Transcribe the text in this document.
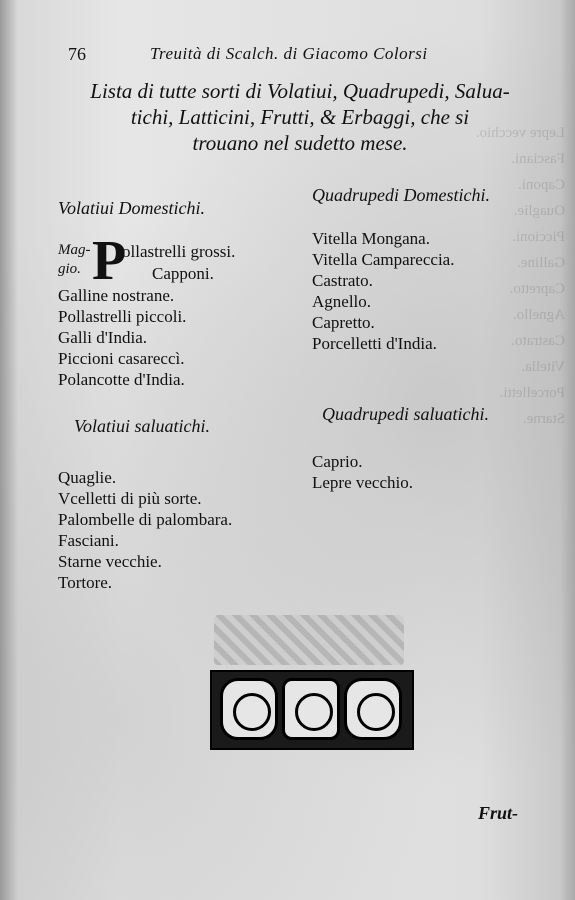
Lepre vecchio.
Fasciani.
Caponi.
Ouaglie.
Piccioni.
Galline.
Capretto.
Agnello.
Castrato.
Vitella.
Porcelletti.
Starne.
76	Treuità di Scalch. di Giacomo Colorsi
Lista di tutte sorti di Volatiui, Quadrupedi, Salua-
tichi, Latticini, Frutti, & Erbaggi, che si
trouano nel sudetto mese.
Volatiui Domestichi.
Mag- gio. P
ollastrelli grossi.
Capponi.
Galline nostrane.
Pollastrelli piccoli.
Galli d'India.
Piccioni casareccì.
Polancotte d'India.
Volatiui saluatichi.
Quaglie.
Vcelletti di più sorte.
Palombelle di palombara.
Fasciani.
Starne vecchie.
Tortore.
Quadrupedi Domestichi.
Vitella Mongana.
Vitella Campareccia.
Castrato.
Agnello.
Capretto.
Porcelletti d'India.
Quadrupedi saluatichi.
Caprio.
Lepre vecchio.
Frut-
